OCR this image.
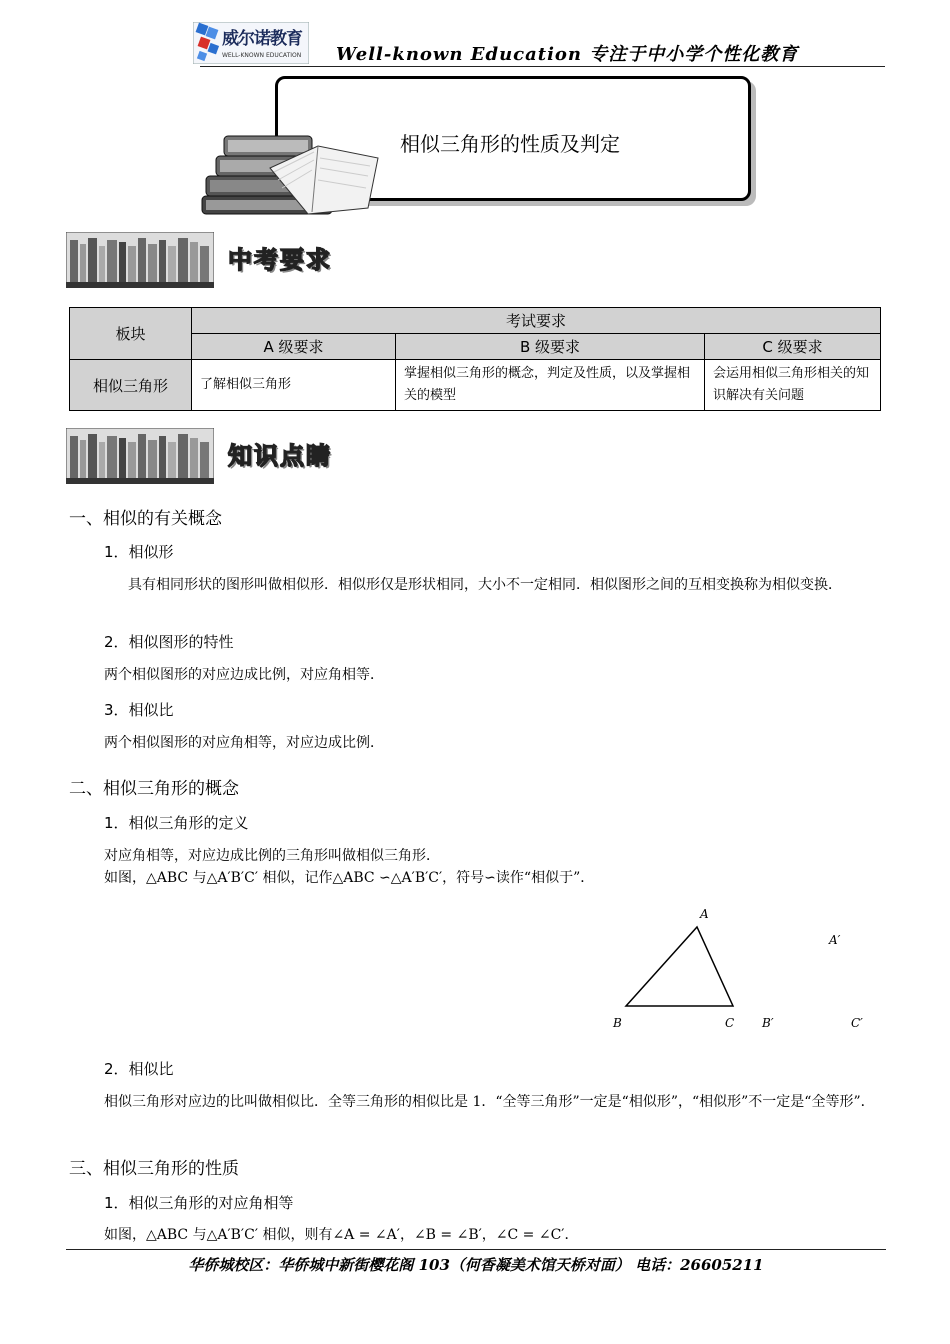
威尔诺教育
WELL-KNOWN EDUCATION Well-known Education 专注于中小学个性化教育
相似三角形的性质及判定
中考要求
板块	考试要求		
	A 级要求	B 级要求	C 级要求
相似三角形	了解相似三角形	掌握相似三角形的概念，判定及性质，以及掌握相关的模型	会运用相似三角形相关的知识解决有关问题
知识点睛
一、相似的有关概念
1．相似形
具有相同形状的图形叫做相似形．相似形仅是形状相同，大小不一定相同．相似图形之间的互相变换称为相似变换．
2．相似图形的特性
两个相似图形的对应边成比例，对应角相等．
3．相似比
两个相似图形的对应角相等，对应边成比例．
二、相似三角形的概念
1．相似三角形的定义
对应角相等，对应边成比例的三角形叫做相似三角形．
如图，△ABC 与△A′B′C′ 相似，记作△ABC ∽△A′B′C′，符号∽读作“相似于”．
A
B	C
A′
B′	C′
2．相似比
相似三角形对应边的比叫做相似比．全等三角形的相似比是 1．“全等三角形”一定是“相似形”，“相似形”不一定是“全等形”．
三、相似三角形的性质
1．相似三角形的对应角相等
如图，△ABC 与△A′B′C′ 相似，则有∠A = ∠A′，∠B = ∠B′，∠C = ∠C′．
华侨城校区：华侨城中新街樱花阁 103（何香凝美术馆天桥对面） 电话：26605211
